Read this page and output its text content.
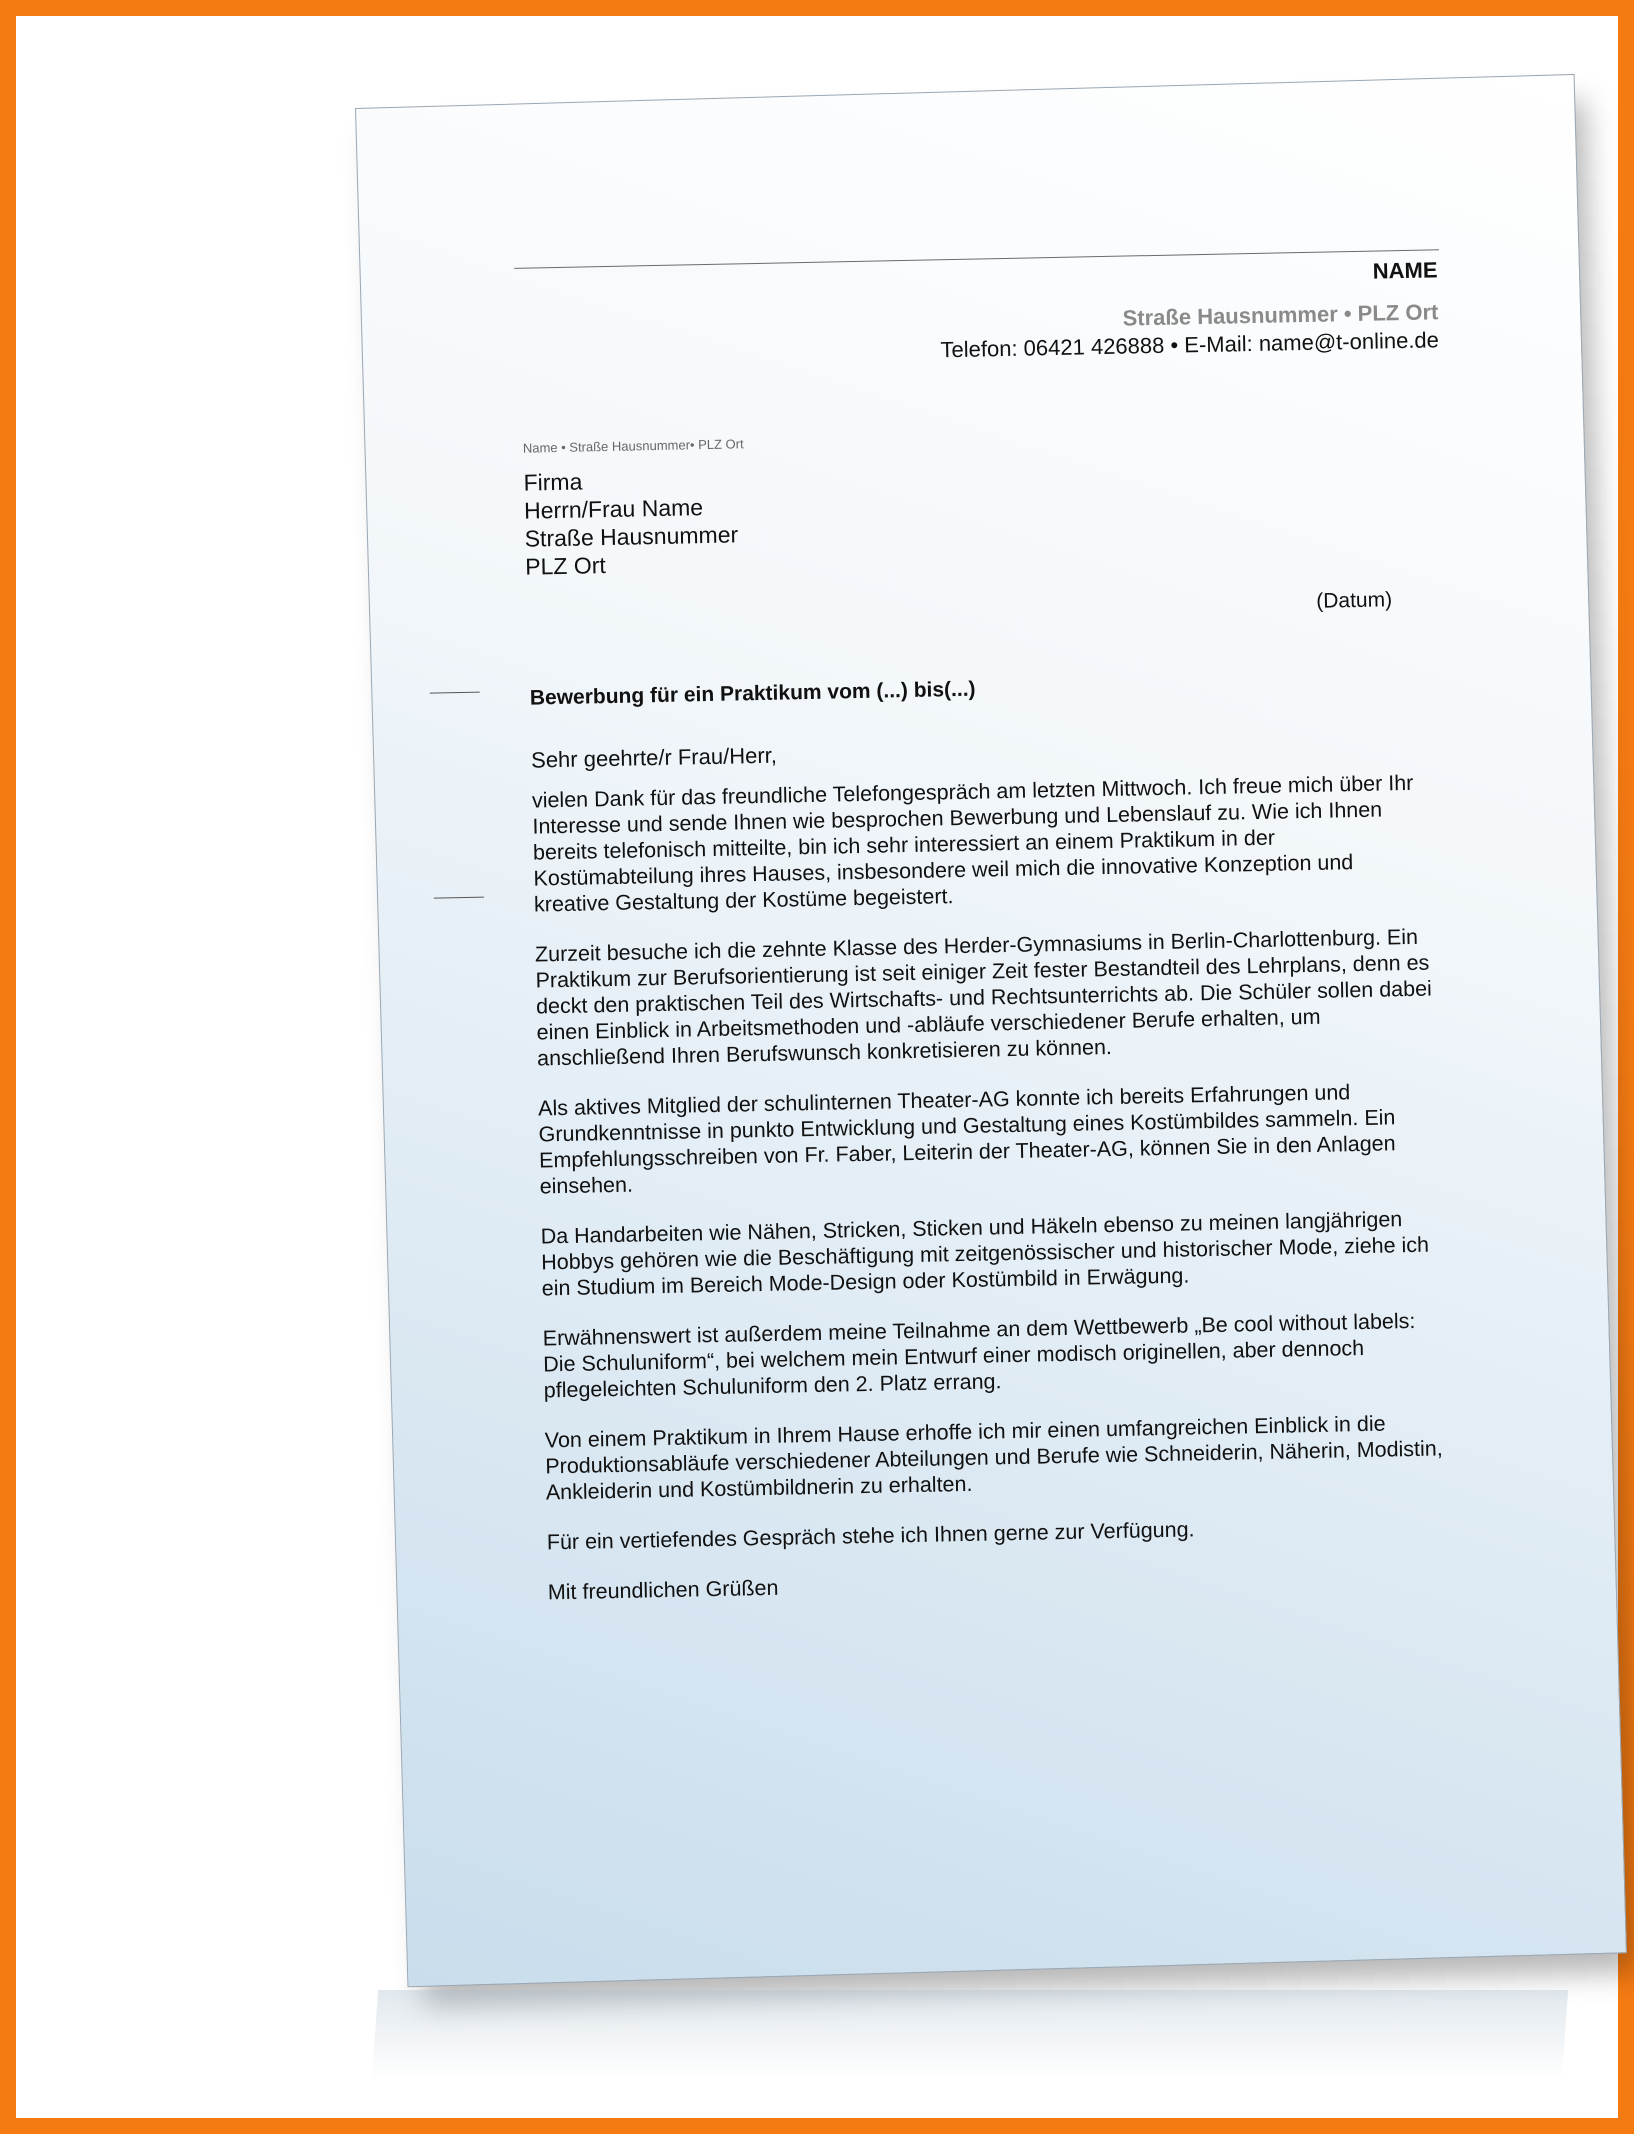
NAME
Straße Hausnummer • PLZ Ort
Telefon: 06421 426888 • E-Mail: name@t-online.de
Name • Straße Hausnummer• PLZ Ort
Firma
Herrn/Frau Name
Straße Hausnummer
PLZ Ort
(Datum)
Bewerbung für ein Praktikum vom (...) bis(...)
Sehr geehrte/r Frau/Herr,

vielen Dank für das freundliche Telefongespräch am letzten Mittwoch. Ich freue mich über Ihr Interesse und sende Ihnen wie besprochen Bewerbung und Lebenslauf zu. Wie ich Ihnen bereits telefonisch mitteilte, bin ich sehr interessiert an einem Praktikum in der Kostümabteilung ihres Hauses, insbesondere weil mich die innovative Konzeption und kreative Gestaltung der Kostüme begeistert.

Zurzeit besuche ich die zehnte Klasse des Herder-Gymnasiums in Berlin-Charlottenburg. Ein Praktikum zur Berufsorientierung ist seit einiger Zeit fester Bestandteil des Lehrplans, denn es deckt den praktischen Teil des Wirtschafts- und Rechtsunterrichts ab. Die Schüler sollen dabei einen Einblick in Arbeitsmethoden und -abläufe verschiedener Berufe erhalten, um anschließend Ihren Berufswunsch konkretisieren zu können.

Als aktives Mitglied der schulinternen Theater-AG konnte ich bereits Erfahrungen und Grundkenntnisse in punkto Entwicklung und Gestaltung eines Kostümbildes sammeln. Ein Empfehlungsschreiben von Fr. Faber, Leiterin der Theater-AG, können Sie in den Anlagen einsehen.

Da Handarbeiten wie Nähen, Stricken, Sticken und Häkeln ebenso zu meinen langjährigen Hobbys gehören wie die Beschäftigung mit zeitgenössischer und historischer Mode, ziehe ich ein Studium im Bereich Mode-Design oder Kostümbild in Erwägung.

Erwähnenswert ist außerdem meine Teilnahme an dem Wettbewerb „Be cool without labels: Die Schuluniform“, bei welchem mein Entwurf einer modisch originellen, aber dennoch pflegeleichten Schuluniform den 2. Platz errang.

Von einem Praktikum in Ihrem Hause erhoffe ich mir einen umfangreichen Einblick in die Produktionsabläufe verschiedener Abteilungen und Berufe wie Schneiderin, Näherin, Modistin, Ankleiderin und Kostümbildnerin zu erhalten.

Für ein vertiefendes Gespräch stehe ich Ihnen gerne zur Verfügung.

Mit freundlichen Grüßen
